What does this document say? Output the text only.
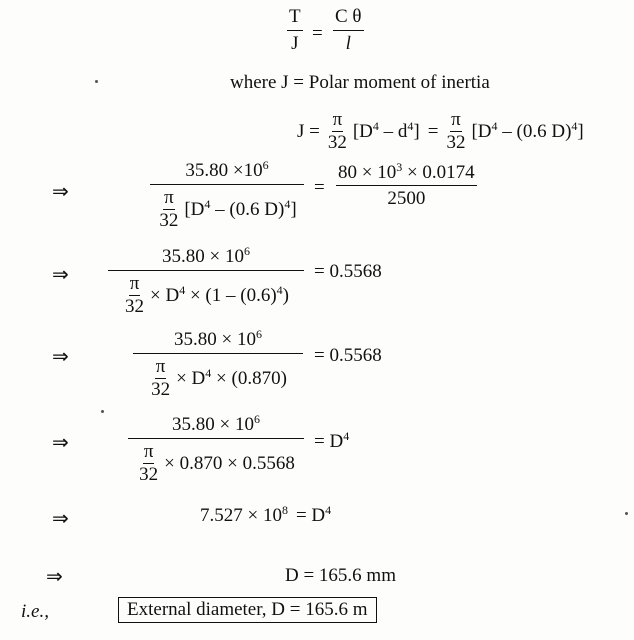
$\frac{T}{J} = \frac{\text{C θ}}{l}$
where J = Polar moment of inertia
$J = \frac{\pi}{32} [D^4 - d^4] = \frac{\pi}{32} [D^4 - (0.6$ D)$^4$]
⇒
$35.80 \times 10^6$
π
32
[$D^4 - (0.6$ D)$^4$]
=
$80 \times 10^3 \times 0.0174$
2500
⇒
$35.80 \times 10^6$
$\frac{\pi}{32} \times D^4 \times (1 - (0.6)^4)$
= 0.5568
⇒
$35.80 \times 10^6$
$\frac{\pi}{32} \times D^4 \times (0.870)$
= 0.5568
⇒
$35.80 \times 10^6$
$\frac{\pi}{32} \times 0.870 \times 0.5568$
= $D^4$
⇒	$7.527 \times 10^8 = D^4$
⇒	D = 165.6 mm
i.e.,	External diameter, D = 165.6 m
